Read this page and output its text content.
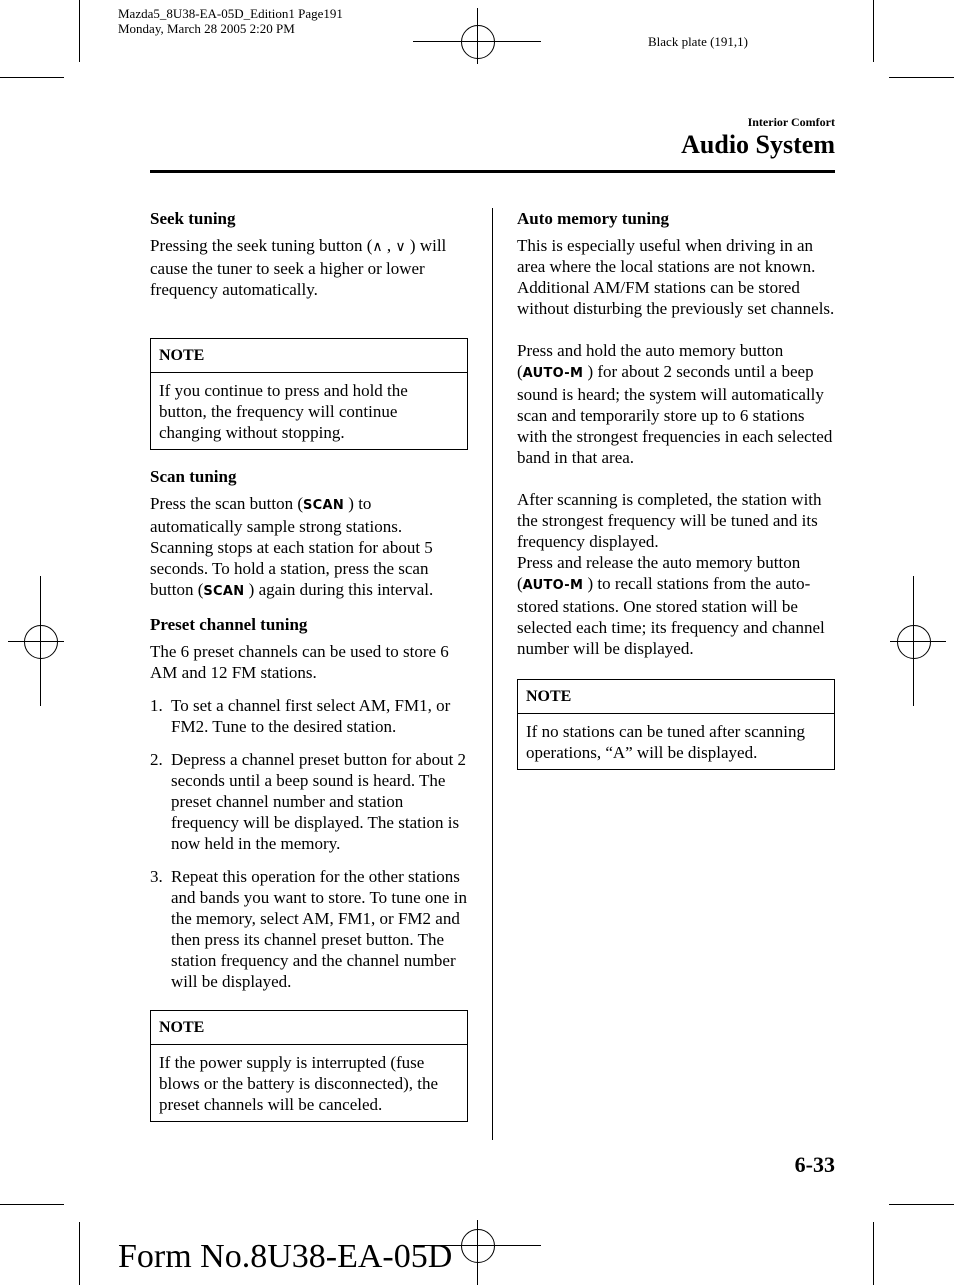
Mazda5_8U38-EA-05D_Edition1 Page191
Monday, March 28 2005 2:20 PM
Black plate (191,1)
Interior Comfort
Audio System
Seek tuning

Pressing the seek tuning button (∧ , ∨ ) will cause the tuner to seek a higher or lower frequency automatically.

NOTE
If you continue to press and hold the button, the frequency will continue changing without stopping.
Scan tuning

Press the scan button (SCAN ) to automatically sample strong stations. Scanning stops at each station for about 5 seconds. To hold a station, press the scan button (SCAN ) again during this interval.

Preset channel tuning

The 6 preset channels can be used to store 6 AM and 12 FM stations.

1. To set a channel first select AM, FM1, or FM2. Tune to the desired station.
2. Depress a channel preset button for about 2 seconds until a beep sound is heard. The preset channel number and station frequency will be displayed. The station is now held in the memory.
3. Repeat this operation for the other stations and bands you want to store. To tune one in the memory, select AM, FM1, or FM2 and then press its channel preset button. The station frequency and the channel number will be displayed.
NOTE
If the power supply is interrupted (fuse blows or the battery is disconnected), the preset channels will be canceled.
Auto memory tuning

This is especially useful when driving in an area where the local stations are not known. Additional AM/FM stations can be stored without disturbing the previously set channels.

Press and hold the auto memory button (AUTO-M ) for about 2 seconds until a beep sound is heard; the system will automatically scan and temporarily store up to 6 stations with the strongest frequencies in each selected band in that area.

After scanning is completed, the station with the strongest frequency will be tuned and its frequency displayed.

Press and release the auto memory button (AUTO-M ) to recall stations from the auto-stored stations. One stored station will be selected each time; its frequency and channel number will be displayed.

NOTE
If no stations can be tuned after scanning operations, “A” will be displayed.
6-33
Form No.8U38-EA-05D
